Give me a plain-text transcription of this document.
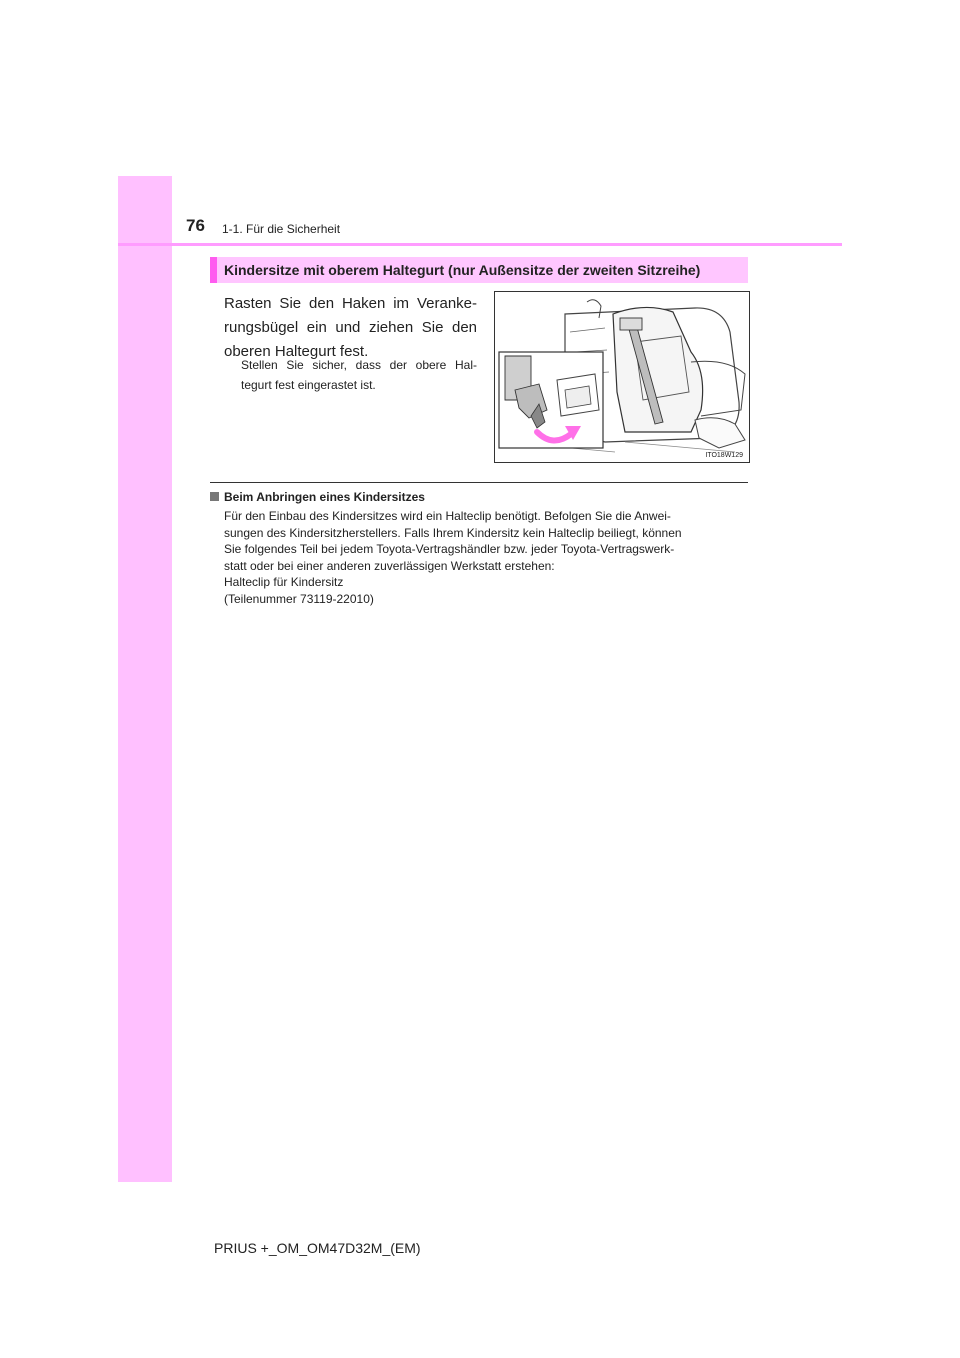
76 1-1. Für die Sicherheit
Kindersitze mit oberem Haltegurt (nur Außensitze der zweiten Sitzreihe)
Rasten Sie den Haken im Veranke- rungsbügel ein und ziehen Sie den oberen Haltegurt fest.
Stellen Sie sicher, dass der obere Hal- tegurt fest eingerastet ist.
ITO18W129
Beim Anbringen eines Kindersitzes
Für den Einbau des Kindersitzes wird ein Halteclip benötigt. Befolgen Sie die Anwei-
sungen des Kindersitzherstellers. Falls Ihrem Kindersitz kein Halteclip beiliegt, können
Sie folgendes Teil bei jedem Toyota-Vertragshändler bzw. jeder Toyota-Vertragswerk-
statt oder bei einer anderen zuverlässigen Werkstatt erstehen:
Halteclip für Kindersitz
(Teilenummer 73119-22010)
PRIUS +_OM_OM47D32M_(EM)
